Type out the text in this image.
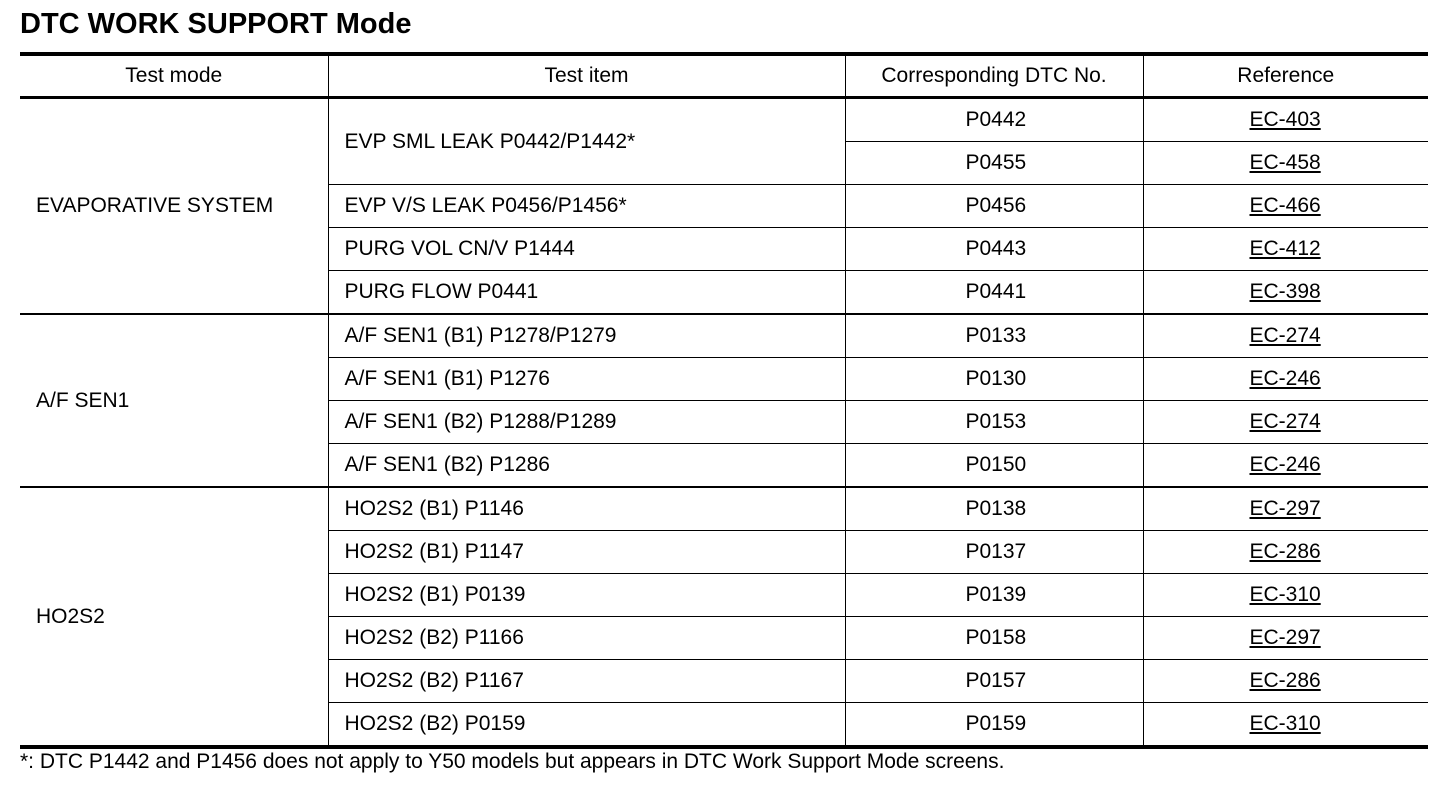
DTC WORK SUPPORT Mode
Test mode	Test item	Corresponding DTC No.	Reference
EVAPORATIVE SYSTEM	EVP SML LEAK P0442/P1442*	P0442	EC-403
		P0455	EC-458
	EVP V/S LEAK P0456/P1456*	P0456	EC-466
	PURG VOL CN/V P1444	P0443	EC-412
	PURG FLOW P0441	P0441	EC-398
A/F SEN1	A/F SEN1 (B1) P1278/P1279	P0133	EC-274
	A/F SEN1 (B1) P1276	P0130	EC-246
	A/F SEN1 (B2) P1288/P1289	P0153	EC-274
	A/F SEN1 (B2) P1286	P0150	EC-246
HO2S2	HO2S2 (B1) P1146	P0138	EC-297
	HO2S2 (B1) P1147	P0137	EC-286
	HO2S2 (B1) P0139	P0139	EC-310
	HO2S2 (B2) P1166	P0158	EC-297
	HO2S2 (B2) P1167	P0157	EC-286
	HO2S2 (B2) P0159	P0159	EC-310
*: DTC P1442 and P1456 does not apply to Y50 models but appears in DTC Work Support Mode screens.
